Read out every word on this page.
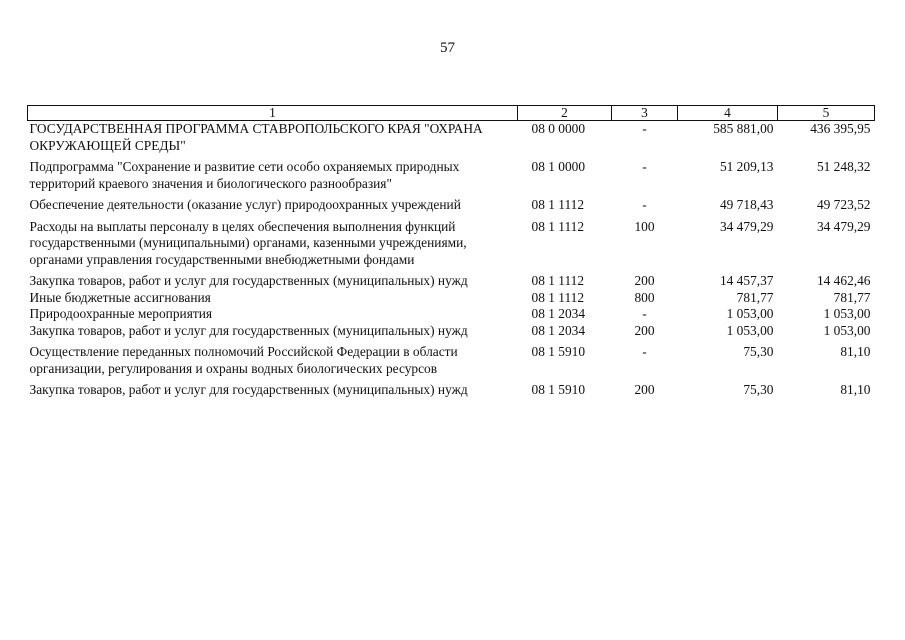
57
1	2	3	4	5
ГОСУДАРСТВЕННАЯ ПРОГРАММА СТАВРОПОЛЬСКОГО КРАЯ "ОХРАНА ОКРУЖАЮЩЕЙ СРЕДЫ"	08 0 0000	-	585 881,00	436 395,95
Подпрограмма "Сохранение и развитие сети особо охраняемых природных территорий краевого значения и биологического разнообразия"	08 1 0000	-	51 209,13	51 248,32
Обеспечение деятельности (оказание услуг) природоохранных учреждений	08 1 1112	-	49 718,43	49 723,52
Расходы на выплаты персоналу в целях обеспечения выполнения функций государственными (муниципальными) органами, казенными учреждениями, органами управления государственными внебюджетными фондами	08 1 1112	100	34 479,29	34 479,29
Закупка товаров, работ и услуг для государственных (муниципальных) нужд	08 1 1112	200	14 457,37	14 462,46
Иные бюджетные ассигнования	08 1 1112	800	781,77	781,77
Природоохранные мероприятия	08 1 2034	-	1 053,00	1 053,00
Закупка товаров, работ и услуг для государственных (муниципальных) нужд	08 1 2034	200	1 053,00	1 053,00
Осуществление переданных полномочий Российской Федерации в области организации, регулирования и охраны водных биологических ресурсов	08 1 5910	-	75,30	81,10
Закупка товаров, работ и услуг для государственных (муниципальных) нужд	08 1 5910	200	75,30	81,10
